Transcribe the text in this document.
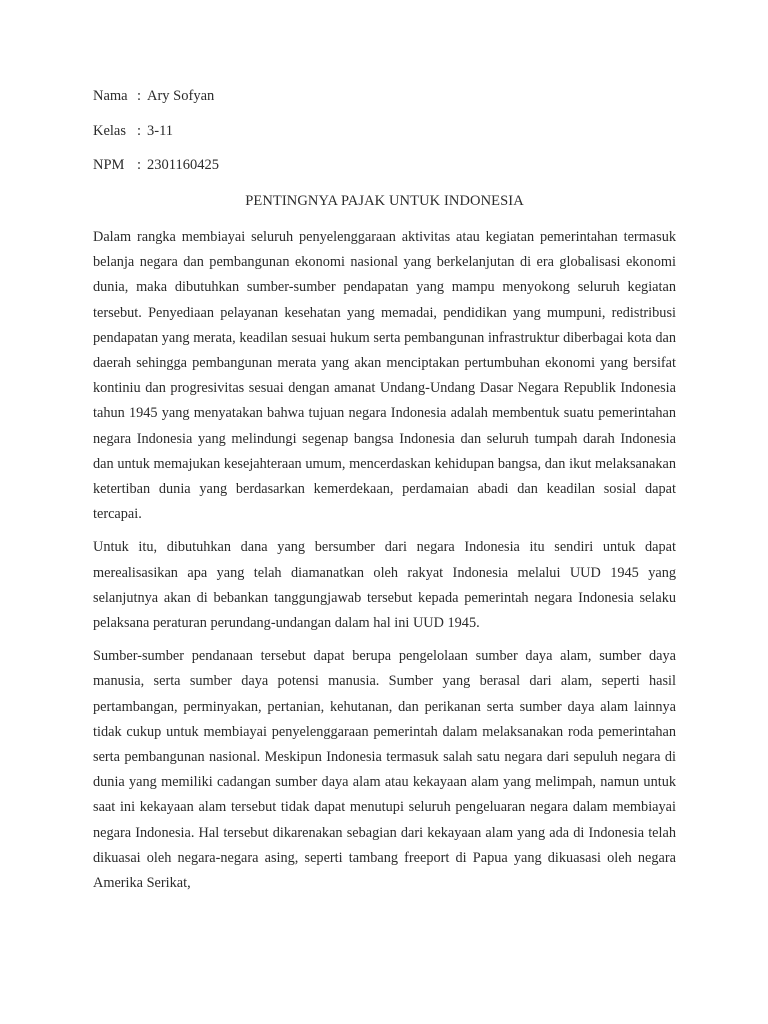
Nama : Ary Sofyan
Kelas : 3-11
NPM : 2301160425
PENTINGNYA PAJAK UNTUK INDONESIA

Dalam rangka membiayai seluruh penyelenggaraan aktivitas atau kegiatan pemerintahan termasuk belanja negara dan pembangunan ekonomi nasional yang berkelanjutan di era globalisasi ekonomi dunia, maka dibutuhkan sumber-sumber pendapatan yang mampu menyokong seluruh kegiatan tersebut. Penyediaan pelayanan kesehatan yang memadai, pendidikan yang mumpuni, redistribusi pendapatan yang merata, keadilan sesuai hukum serta pembangunan infrastruktur diberbagai kota dan daerah sehingga pembangunan merata yang akan menciptakan pertumbuhan ekonomi yang bersifat kontiniu dan progresivitas sesuai dengan amanat Undang-Undang Dasar Negara Republik Indonesia tahun 1945 yang menyatakan bahwa tujuan negara Indonesia adalah membentuk suatu pemerintahan negara Indonesia yang melindungi segenap bangsa Indonesia dan seluruh tumpah darah Indonesia dan untuk memajukan kesejahteraan umum, mencerdaskan kehidupan bangsa, dan ikut melaksanakan ketertiban dunia yang berdasarkan kemerdekaan, perdamaian abadi dan keadilan sosial dapat tercapai.

Untuk itu, dibutuhkan dana yang bersumber dari negara Indonesia itu sendiri untuk dapat merealisasikan apa yang telah diamanatkan oleh rakyat Indonesia melalui UUD 1945 yang selanjutnya akan di bebankan tanggungjawab tersebut kepada pemerintah negara Indonesia selaku pelaksana peraturan perundang-undangan dalam hal ini UUD 1945.

Sumber-sumber pendanaan tersebut dapat berupa pengelolaan sumber daya alam, sumber daya manusia, serta sumber daya potensi manusia. Sumber yang berasal dari alam, seperti hasil pertambangan, perminyakan, pertanian, kehutanan, dan perikanan serta sumber daya alam lainnya tidak cukup untuk membiayai penyelenggaraan pemerintah dalam melaksanakan roda pemerintahan serta pembangunan nasional. Meskipun Indonesia termasuk salah satu negara dari sepuluh negara di dunia yang memiliki cadangan sumber daya alam atau kekayaan alam yang melimpah, namun untuk saat ini kekayaan alam tersebut tidak dapat menutupi seluruh pengeluaran negara dalam membiayai negara Indonesia. Hal tersebut dikarenakan sebagian dari kekayaan alam yang ada di Indonesia telah dikuasai oleh negara-negara asing, seperti tambang freeport di Papua yang dikuasasi oleh negara Amerika Serikat,
